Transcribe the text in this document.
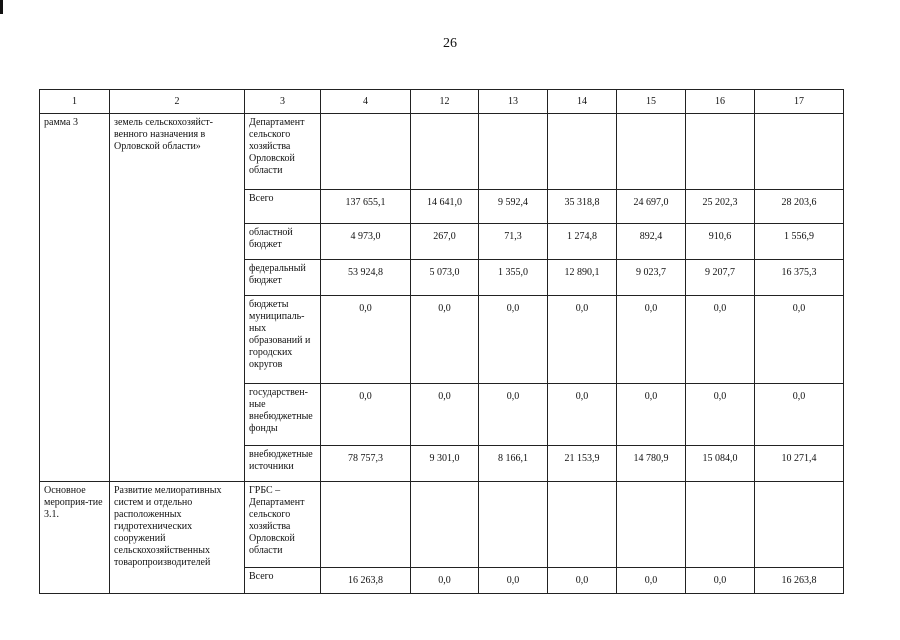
26
1	2	3	4	12	13	14	15	16	17
рамма 3	земель сельскохозяйст-венного назначения в Орловской области»	Департамент сельского хозяйства Орловской области							
		Всего	137 655,1	14 641,0	9 592,4	35 318,8	24 697,0	25 202,3	28 203,6
		областной бюджет	4 973,0	267,0	71,3	1 274,8	892,4	910,6	1 556,9
		федеральный бюджет	53 924,8	5 073,0	1 355,0	12 890,1	9 023,7	9 207,7	16 375,3
		бюджеты муниципаль-ных образований и городских округов	0,0	0,0	0,0	0,0	0,0	0,0	0,0
		государствен-ные внебюджетные фонды	0,0	0,0	0,0	0,0	0,0	0,0	0,0
		внебюджетные источники	78 757,3	9 301,0	8 166,1	21 153,9	14 780,9	15 084,0	10 271,4
Основное мероприя-тие 3.1.	Развитие мелиоративных систем и отдельно расположенных гидротехнических сооружений сельскохозяйственных товаропроизводителей	ГРБС – Департамент сельского хозяйства Орловской области							
		Всего	16 263,8	0,0	0,0	0,0	0,0	0,0	16 263,8
